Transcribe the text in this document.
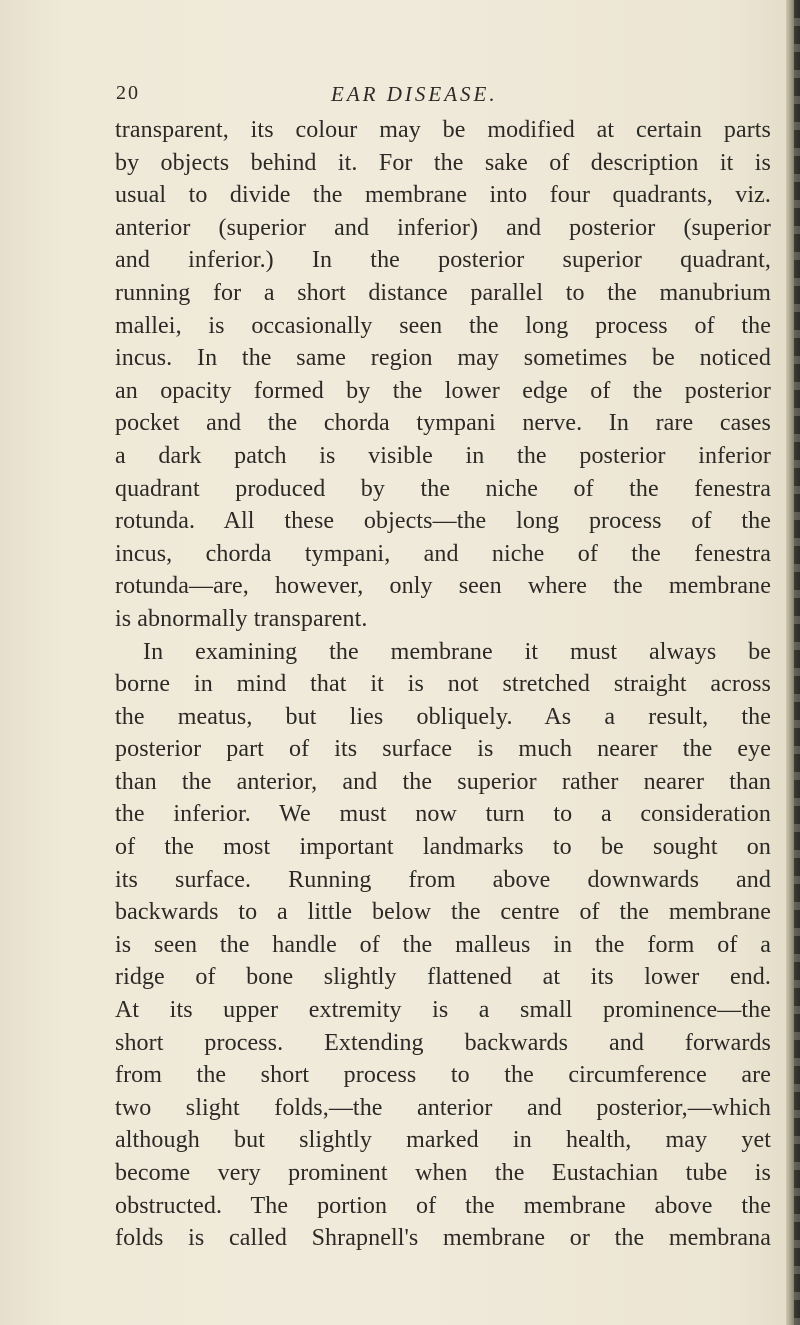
20	EAR DISEASE.
transparent, its colour may be modified at certain parts
by objects behind it. For the sake of description it is
usual to divide the membrane into four quadrants, viz.
anterior (superior and inferior) and posterior (superior
and inferior.) In the posterior superior quadrant,
running for a short distance parallel to the manubrium
mallei, is occasionally seen the long process of the
incus. In the same region may sometimes be noticed
an opacity formed by the lower edge of the posterior
pocket and the chorda tympani nerve. In rare cases
a dark patch is visible in the posterior inferior
quadrant produced by the niche of the fenestra
rotunda. All these objects—the long process of the
incus, chorda tympani, and niche of the fenestra
rotunda—are, however, only seen where the membrane
is abnormally transparent.
In examining the membrane it must always be
borne in mind that it is not stretched straight across
the meatus, but lies obliquely. As a result, the
posterior part of its surface is much nearer the eye
than the anterior, and the superior rather nearer than
the inferior. We must now turn to a consideration
of the most important landmarks to be sought on
its surface. Running from above downwards and
backwards to a little below the centre of the membrane
is seen the handle of the malleus in the form of a
ridge of bone slightly flattened at its lower end.
At its upper extremity is a small prominence—the
short process. Extending backwards and forwards
from the short process to the circumference are
two slight folds,—the anterior and posterior,—which
although but slightly marked in health, may yet
become very prominent when the Eustachian tube is
obstructed. The portion of the membrane above the
folds is called Shrapnell's membrane or the membrana
